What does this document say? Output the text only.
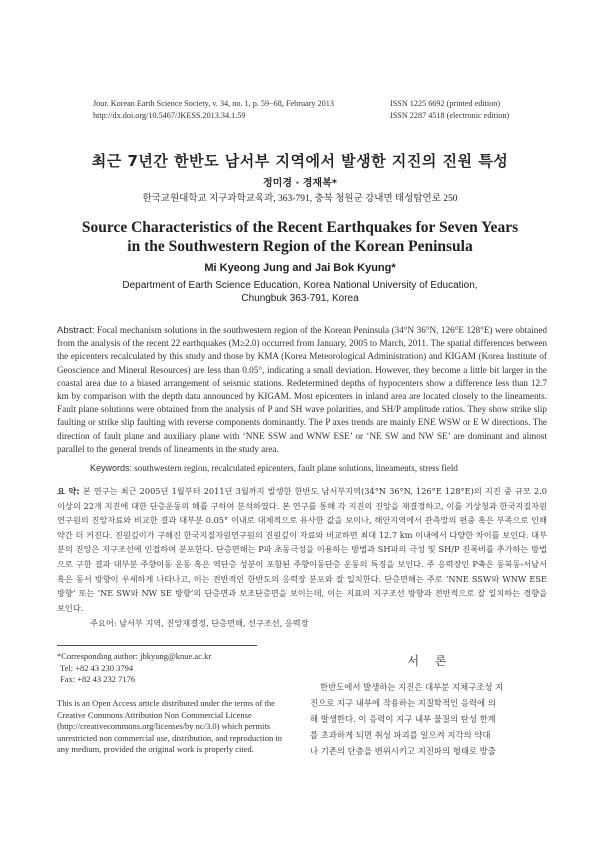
Jour. Korean Earth Science Society, v. 34, no. 1, p. 59−68, February 2013
http://dx.doi.org/10.5467/JKESS.2013.34.1.59
ISSN 1225 6692 (printed edition)
ISSN 2287 4518 (electronic edition)
최근 7년간 한반도 남서부 지역에서 발생한 지진의 진원 특성
정미경 · 경재복*
한국교원대학교 지구과학교육과, 363-791, 충북 청원군 강내면 태성탑연로 250
Source Characteristics of the Recent Earthquakes for Seven Years
in the Southwestern Region of the Korean Peninsula
Mi Kyeong Jung and Jai Bok Kyung*
Department of Earth Science Education, Korea National University of Education,
Chungbuk 363-791, Korea
Abstract: Focal mechanism solutions in the southwestern region of the Korean Peninsula (34°N 36°N, 126°E 128°E) were obtained from the analysis of the recent 22 earthquakes (M≥2.0) occurred from January, 2005 to March, 2011. The spatial differences between the epicenters recalculated by this study and those by KMA (Korea Meteorological Administration) and KIGAM (Korea Institute of Geoscience and Mineral Resources) are less than 0.05°, indicating a small deviation. However, they become a little bit larger in the coastal area due to a biased arrangement of seismic stations. Redetermined depths of hypocenters show a difference less than 12.7 km by comparison with the depth data announced by KIGAM. Most epicenters in inland area are located closely to the lineaments. Fault plane solutions were obtained from the analysis of P and SH wave polarities, and SH/P amplitude ratios. They show strike slip faulting or strike slip faulting with reverse components dominantly. The P axes trends are mainly ENE WSW or E W directions. The direction of fault plane and auxiliary plane with ‘NNE SSW and WNW ESE’ or ‘NE SW and NW SE’ are dominant and almost parallel to the general trends of lineaments in the study area.
Keywords: southwestern region, recalculated epicenters, fault plane solutions, lineaments, stress field
요 약: 본 연구는 최근 2005년 1월부터 2011년 3월까지 발생한 한반도 남서부지역(34°N 36°N, 126°E 128°E)의 지진 중 규모 2.0 이상의 22개 지진에 대한 단층운동의 해를 구하여 분석하였다. 본 연구를 통해 각 지진의 진앙을 재결정하고, 이를 기상청과 한국지질자원연구원의 진앙자료와 비교한 결과 대부분 0.05° 이내로 대체적으로 유사한 값을 보이나, 해안지역에서 관측망의 편중 혹은 부족으로 인해 약간 더 커진다. 진원깊이가 구해진 한국지질자원연구원의 진원깊이 자료와 비교하면 최대 12.7 km 이내에서 다양한 차이를 보인다. 대부분의 진앙은 지구조선에 인접하여 분포한다. 단층면해는 P파 초동극성을 이용하는 방법과 SH파의 극성 및 SH/P 진폭비를 추가하는 방법으로 구한 결과 대부분 주향이동 운동 혹은 역단층 성분이 포함된 주향이동단층 운동의 특징을 보인다. 주 응력장인 P축은 동북동-서남서 혹은 동서 방향이 우세하게 나타나고, 이는 전반적인 한반도의 응력장 분포와 잘 일치한다. 단층면해는 주로 ‘NNE SSW와 WNW ESE 방향’ 또는 ‘NE SW와 NW SE 방향’의 단층면과 보조단층면을 보이는데, 이는 지표의 지구조선 방향과 전반적으로 잘 일치하는 경향을 보인다.
주요어: 남서부 지역, 진앙재결정, 단층면해, 선구조선, 응력장
*Corresponding author: jbkyung@knue.ac.kr
Tel: +82 43 230 3794
Fax: +82 43 232 7176
This is an Open Access article distributed under the terms of the Creative Commons Attribution Non Commercial License (http://creativecommons.org/licenses/by nc/3.0) which permits unrestricted non commercial use, distribution, and reproduction in any medium, provided the original work is properly cited.
서 론
한반도에서 발생하는 지진은 대부분 지체구조성 지
진으로 지구 내부에 작용하는 지질학적인 응력에 의
해 발생한다. 이 응력이 지구 내부 물질의 탄성 한계
를 초과하게 되면 취성 파괴를 일으켜 지각의 약대
나 기존의 단층을 변위시키고 지진파의 형태로 방출
